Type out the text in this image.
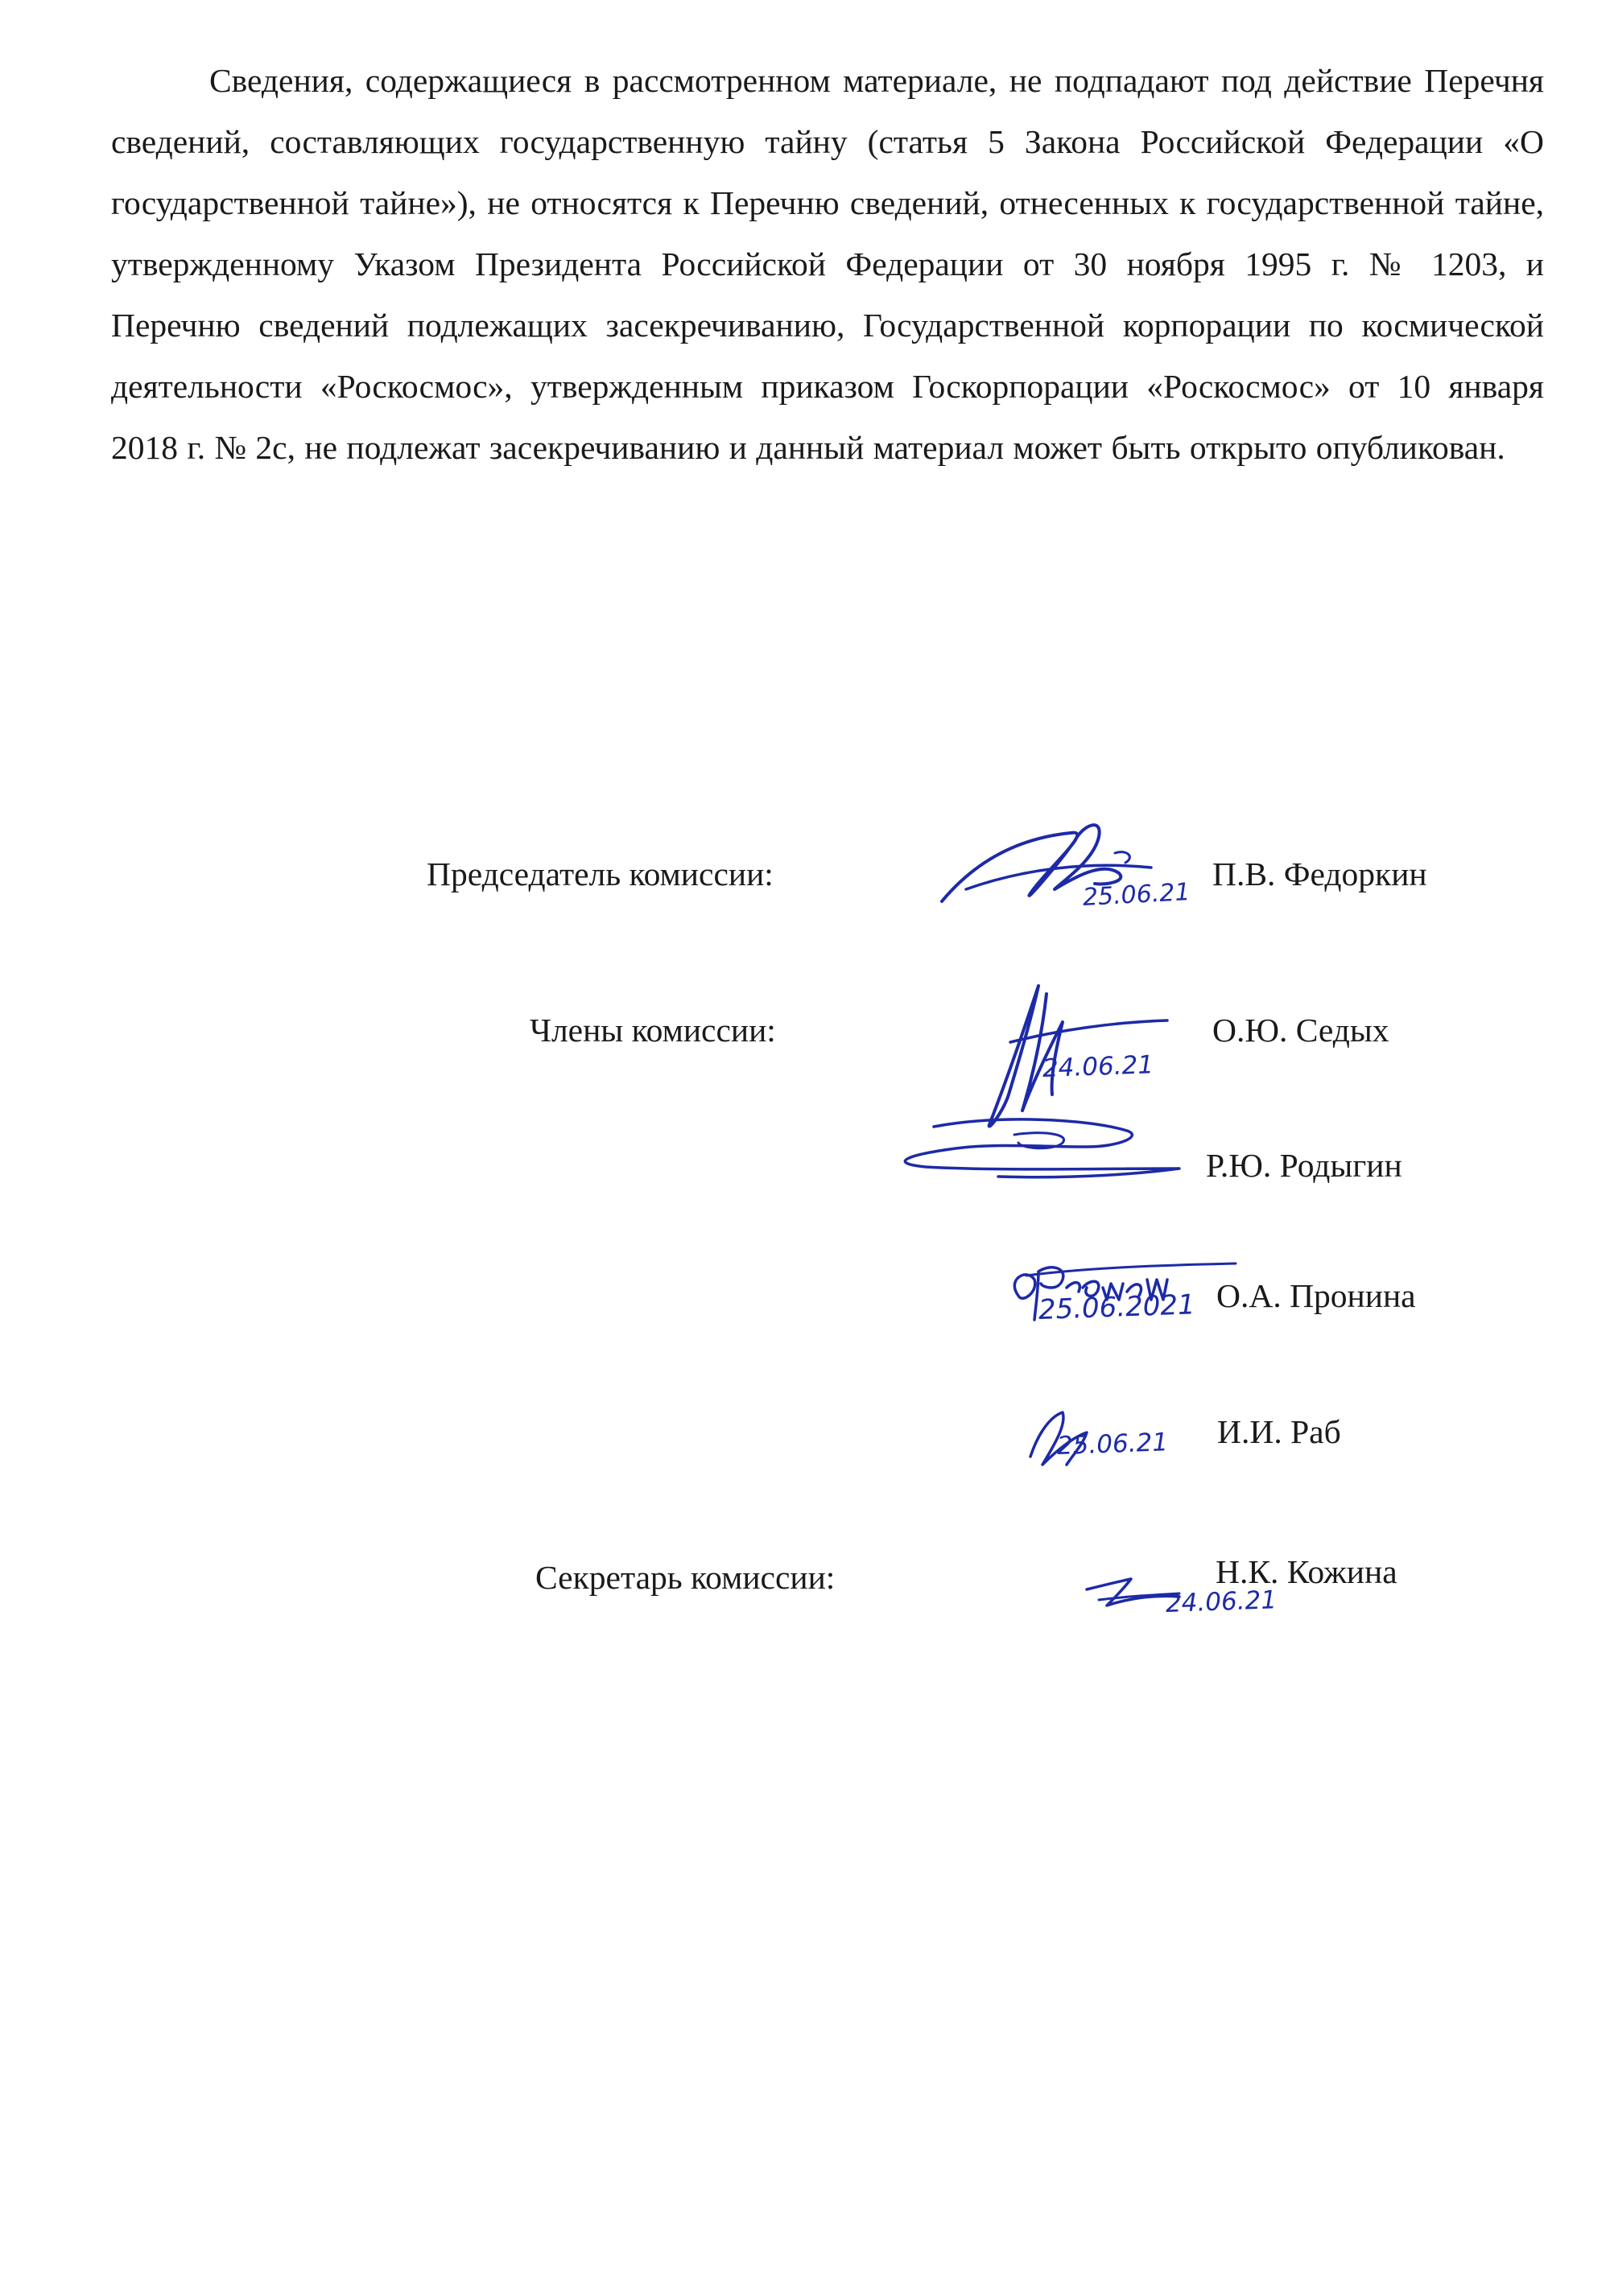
Сведения, содержащиеся в рассмотренном материале, не подпадают под действие Перечня сведений, составляющих государственную тайну (статья 5 Закона Российской Федерации «О государственной тайне»), не относятся к Перечню сведений, отнесенных к государственной тайне, утвержденному Указом Президента Российской Федерации от 30 ноября 1995 г. № 1203, и Перечню сведений подлежащих засекречиванию, Государственной корпорации по космической деятельности «Роскосмос», утвержденным приказом Госкорпорации «Роскосмос» от 10 января 2018 г. № 2с, не подлежат засекречиванию и данный материал может быть открыто опубликован.

Председатель комиссии:
25.06.21
П.В. Федоркин
Члены комиссии:
24.06.21
О.Ю. Седых
Р.Ю. Родыгин
25.06.2021 О.А. Пронина
25.06.21 И.И. Раб
Секретарь комиссии:
24.06.21
Н.К. Кожина
